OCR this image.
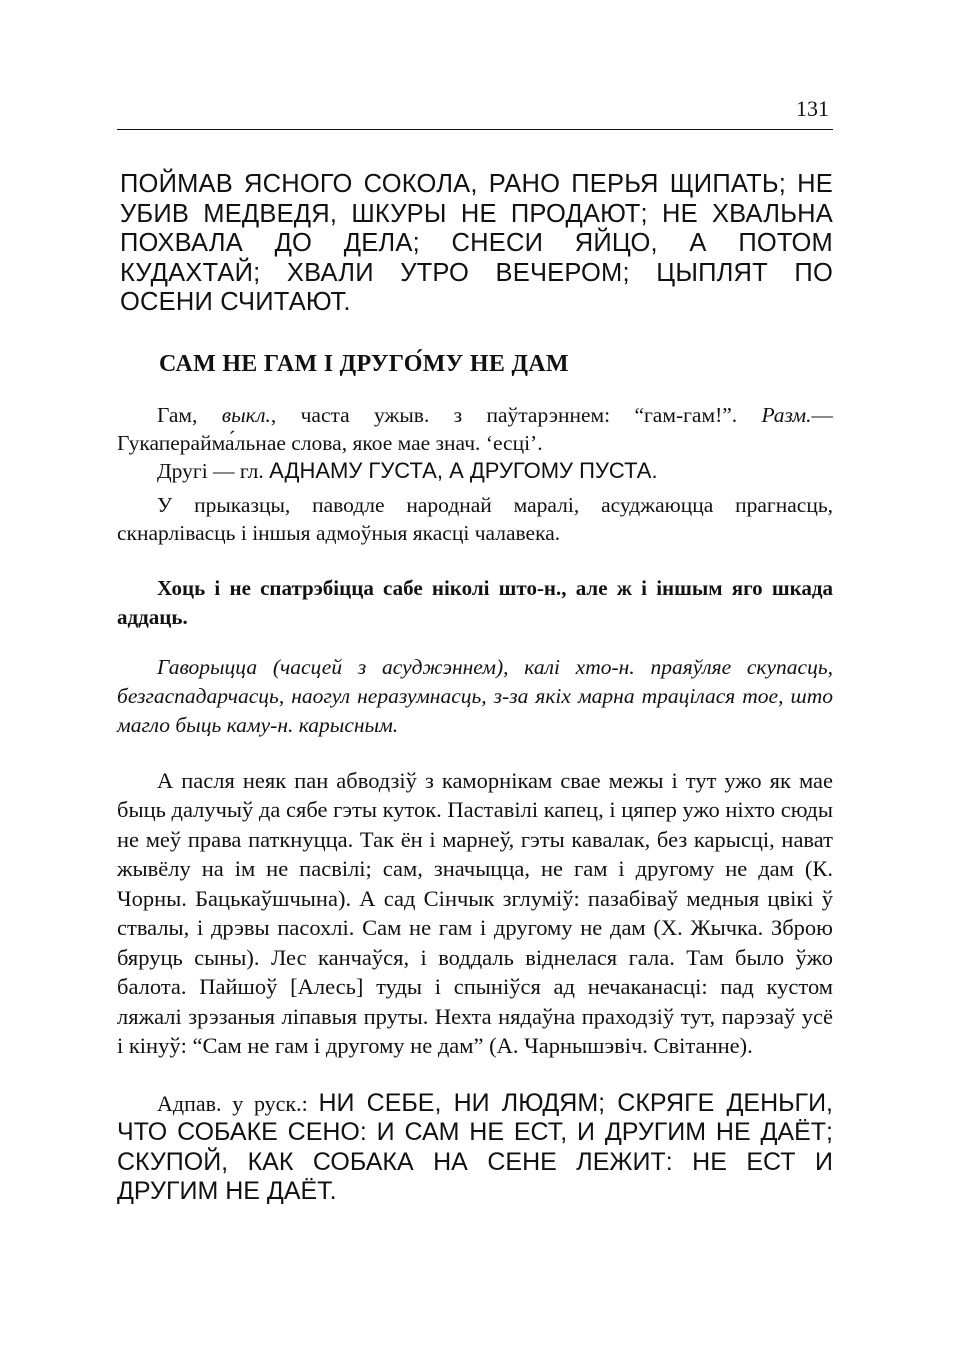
131
ПОЙМАВ ЯСНОГО СОКОЛА, РАНО ПЕРЬЯ ЩИПАТЬ; НЕ УБИВ МЕДВЕДЯ, ШКУРЫ НЕ ПРОДАЮТ; НЕ ХВАЛЬНА ПОХВАЛА ДО ДЕЛА; СНЕСИ ЯЙЦО, А ПОТОМ КУДАХТАЙ; ХВАЛИ УТРО ВЕЧЕРОМ; ЦЫПЛЯТ ПО ОСЕНИ СЧИТАЮТ.
САМ НЕ ГАМ І ДРУГО́МУ НЕ ДАМ
Гам, выкл., часта ужыв. з паўтарэннем: “гам-гам!”. Разм.— Гукаперайма́льнае слова, якое мае знач. ‘есці’.
Другі — гл. АДНАМУ ГУСТА, А ДРУГОМУ ПУСТА.
У прыказцы, паводле народнай маралі, асуджаюцца прагнасць, скнарлівасць і іншыя адмоўныя якасці чалавека.
Хоць і не спатрэбіцца сабе ніколі што-н., але ж і іншым яго шкада аддаць.
Гаворыцца (часцей з асуджэннем), калі хто-н. праяўляе скупасць, безгаспадарчасць, наогул неразумнасць, з-за якіх марна трацілася тое, што магло быць каму-н. карысным.
А пасля неяк пан абводзіў з каморнікам свае межы і тут ужо як мае быць далучыў да сябе гэты куток. Паставілі капец, і цяпер ужо ніхто сюды не меў права паткнуцца. Так ён і марнеў, гэты кавалак, без карысці, нават жывёлу на ім не пасвілі; сам, значыцца, не гам і другому не дам (К. Чорны. Бацькаўшчына). А сад Сінчык зглуміў: пазабіваў медныя цвікі ў ствалы, і дрэвы пасохлі. Сам не гам і другому не дам (Х. Жычка. Зброю бяруць сыны). Лес канчаўся, і воддаль віднелася гала. Там было ўжо балота. Пайшоў [Алесь] туды і спыніўся ад нечаканасці: пад кустом ляжалі зрэзаныя ліпавыя пруты. Нехта нядаўна праходзіў тут, парэзаў усё і кінуў: “Сам не гам і другому не дам” (А. Чарнышэвіч. Світанне).
Адпав. у руск.: НИ СЕБЕ, НИ ЛЮДЯМ; СКРЯГЕ ДЕНЬГИ, ЧТО СОБАКЕ СЕНО: И САМ НЕ ЕСТ, И ДРУГИМ НЕ ДАЁТ; СКУПОЙ, КАК СОБАКА НА СЕНЕ ЛЕЖИТ: НЕ ЕСТ И ДРУГИМ НЕ ДАЁТ.
